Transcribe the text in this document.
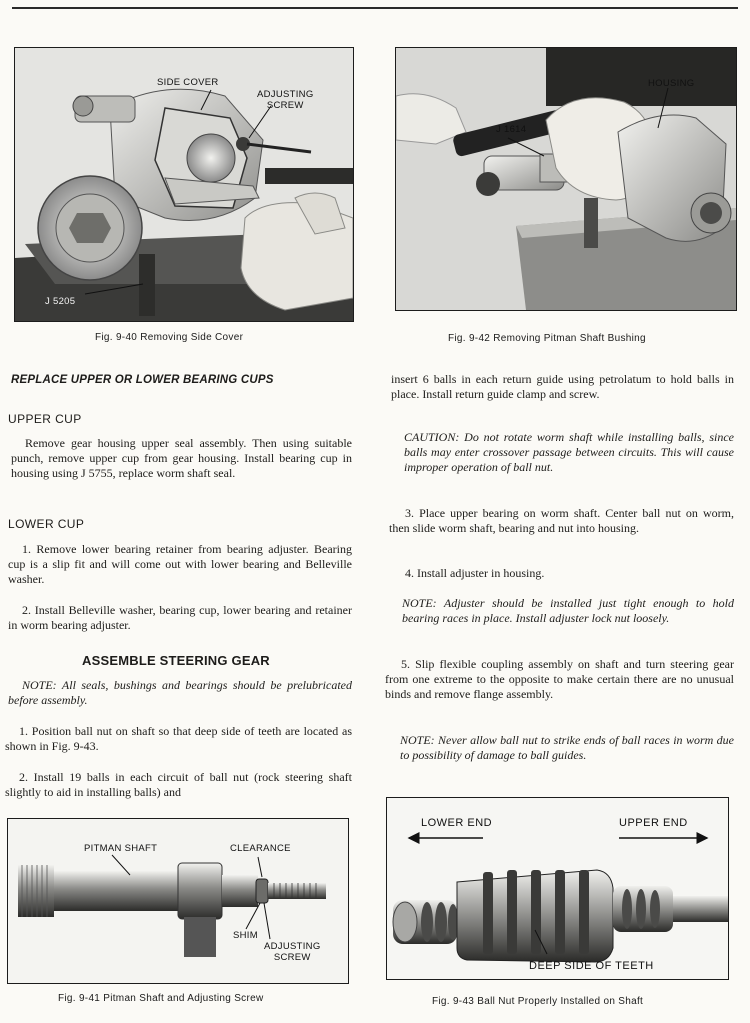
SIDE COVER
ADJUSTING
SCREW
J 5205
Fig. 9-40 Removing Side Cover
HOUSING
J 1614
Fig. 9-42 Removing Pitman Shaft Bushing
REPLACE UPPER OR LOWER BEARING CUPS
UPPER CUP

Remove gear housing upper seal assembly. Then using suitable punch, remove upper cup from gear housing. Install bearing cup in housing using J 5755, replace worm shaft seal.

LOWER CUP

1. Remove lower bearing retainer from bearing adjuster. Bearing cup is a slip fit and will come out with lower bearing and Belleville washer.

2. Install Belleville washer, bearing cup, lower bearing and retainer in worm bearing adjuster.

ASSEMBLE STEERING GEAR

NOTE: All seals, bushings and bearings should be prelubricated before assembly.

1. Position ball nut on shaft so that deep side of teeth are located as shown in Fig. 9-43.

2. Install 19 balls in each circuit of ball nut (rock steering shaft slightly to aid in installing balls) and

insert 6 balls in each return guide using petrolatum to hold balls in place. Install return guide clamp and screw.

CAUTION: Do not rotate worm shaft while installing balls, since balls may enter crossover passage between circuits. This will cause improper operation of ball nut.

3. Place upper bearing on worm shaft. Center ball nut on worm, then slide worm shaft, bearing and nut into housing.

4. Install adjuster in housing.

NOTE: Adjuster should be installed just tight enough to hold bearing races in place. Install adjuster lock nut loosely.

5. Slip flexible coupling assembly on shaft and turn steering gear from one extreme to the opposite to make certain there are no unusual binds and remove flange assembly.

NOTE: Never allow ball nut to strike ends of ball races in worm due to possibility of damage to ball guides.

PITMAN SHAFT	CLEARANCE
SHIM
ADJUSTING
SCREW
Fig. 9-41 Pitman Shaft and Adjusting Screw
LOWER END	UPPER END
DEEP SIDE OF TEETH
Fig. 9-43 Ball Nut Properly Installed on Shaft
